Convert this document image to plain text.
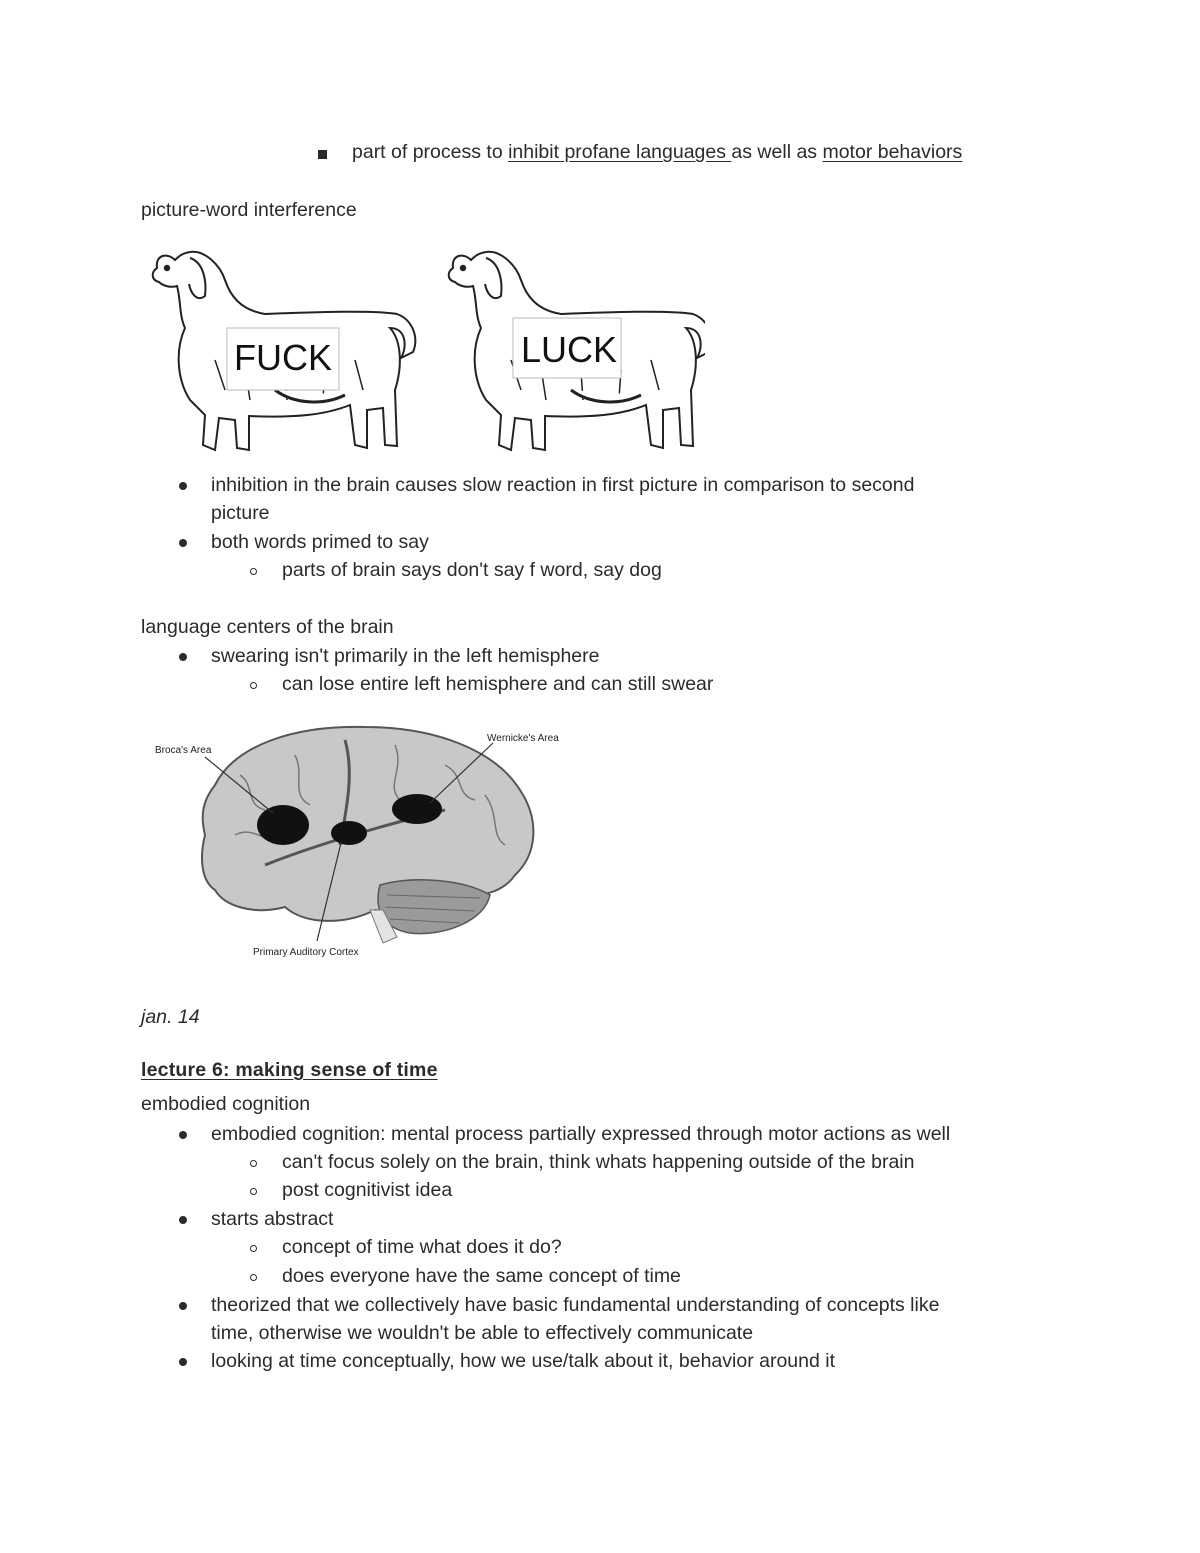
part of process to inhibit profane languages as well as motor behaviors
picture-word interference
FUCK	LUCK
inhibition in the brain causes slow reaction in first picture in comparison to second
picture
both words primed to say
parts of brain says don't say f word, say dog
language centers of the brain
swearing isn't primarily in the left hemisphere
can lose entire left hemisphere and can still swear
Broca's Area
Wernicke's Area
Primary Auditory Cortex
jan. 14
lecture 6: making sense of time
embodied cognition
embodied cognition: mental process partially expressed through motor actions as well
can't focus solely on the brain, think whats happening outside of the brain
post cognitivist idea
starts abstract
concept of time what does it do?
does everyone have the same concept of time
theorized that we collectively have basic fundamental understanding of concepts like
time, otherwise we wouldn't be able to effectively communicate
looking at time conceptually, how we use/talk about it, behavior around it
